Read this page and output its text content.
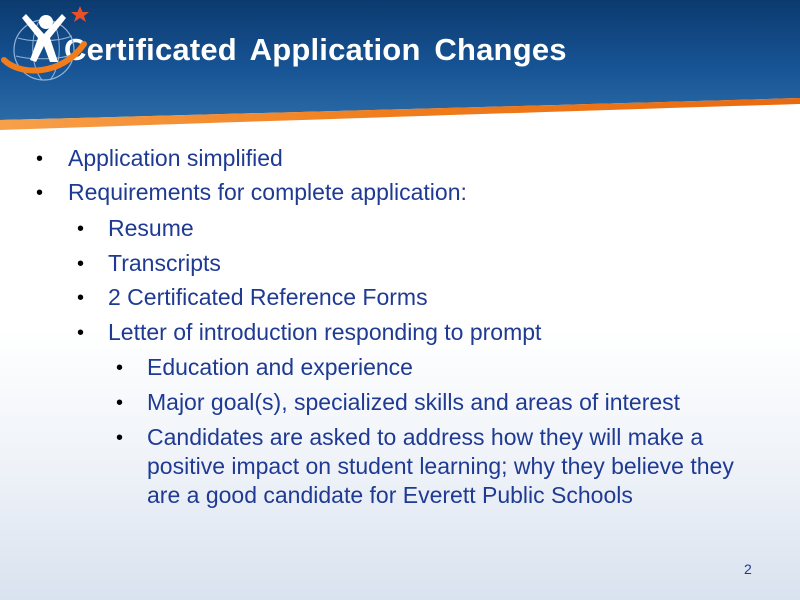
Certificated Application Changes

• Application simplified

• Requirements for complete application:

• Resume

• Transcripts

• 2 Certificated Reference Forms

• Letter of introduction responding to prompt

• Education and experience

• Major goal(s), specialized skills and areas of interest

• Candidates are asked to address how they will make a positive impact on student learning; why they believe they are a good candidate for Everett Public Schools

2
